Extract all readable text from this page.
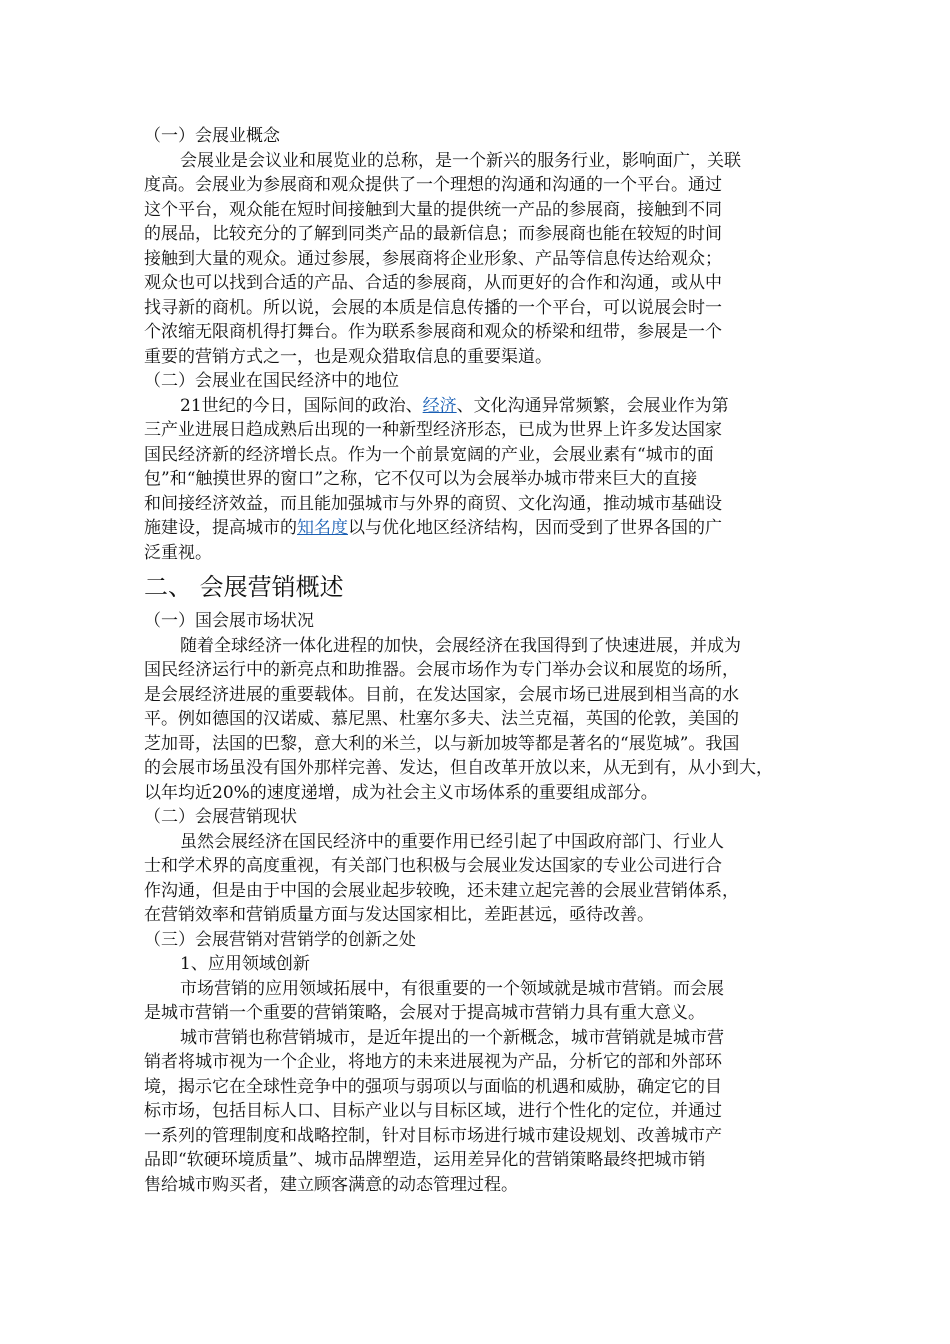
（一）会展业概念
会展业是会议业和展览业的总称，是一个新兴的服务行业，影响面广，关联
度高。会展业为参展商和观众提供了一个理想的沟通和沟通的一个平台。通过
这个平台，观众能在短时间接触到大量的提供统一产品的参展商，接触到不同
的展品，比较充分的了解到同类产品的最新信息；而参展商也能在较短的时间
接触到大量的观众。通过参展，参展商将企业形象、产品等信息传达给观众；
观众也可以找到合适的产品、合适的参展商，从而更好的合作和沟通，或从中
找寻新的商机。所以说，会展的本质是信息传播的一个平台，可以说展会时一
个浓缩无限商机得打舞台。作为联系参展商和观众的桥梁和纽带，参展是一个
重要的营销方式之一，也是观众猎取信息的重要渠道。
（二）会展业在国民经济中的地位
21世纪的今日，国际间的政治、经济、文化沟通异常频繁，会展业作为第
三产业进展日趋成熟后出现的一种新型经济形态，已成为世界上许多发达国家
国民经济新的经济增长点。作为一个前景宽阔的产业，会展业素有“城市的面
包”和“触摸世界的窗口”之称，它不仅可以为会展举办城市带来巨大的直接
和间接经济效益，而且能加强城市与外界的商贸、文化沟通，推动城市基础设
施建设，提高城市的知名度以与优化地区经济结构，因而受到了世界各国的广
泛重视。
二、 会展营销概述
（一）国会展市场状况
随着全球经济一体化进程的加快，会展经济在我国得到了快速进展，并成为
国民经济运行中的新亮点和助推器。会展市场作为专门举办会议和展览的场所，
是会展经济进展的重要载体。目前，在发达国家，会展市场已进展到相当高的水
平。例如德国的汉诺威、慕尼黑、杜塞尔多夫、法兰克福，英国的伦敦，美国的
芝加哥，法国的巴黎，意大利的米兰，以与新加坡等都是著名的“展览城”。我国
的会展市场虽没有国外那样完善、发达，但自改革开放以来，从无到有，从小到大，
以年均近20%的速度递增，成为社会主义市场体系的重要组成部分。
（二）会展营销现状
虽然会展经济在国民经济中的重要作用已经引起了中国政府部门、行业人
士和学术界的高度重视，有关部门也积极与会展业发达国家的专业公司进行合
作沟通，但是由于中国的会展业起步较晚，还未建立起完善的会展业营销体系，
在营销效率和营销质量方面与发达国家相比，差距甚远，亟待改善。
（三）会展营销对营销学的创新之处
1、应用领域创新
市场营销的应用领域拓展中，有很重要的一个领域就是城市营销。而会展
是城市营销一个重要的营销策略，会展对于提高城市营销力具有重大意义。
城市营销也称营销城市，是近年提出的一个新概念，城市营销就是城市营
销者将城市视为一个企业，将地方的未来进展视为产品，分析它的部和外部环
境，揭示它在全球性竞争中的强项与弱项以与面临的机遇和威胁，确定它的目
标市场，包括目标人口、目标产业以与目标区域，进行个性化的定位，并通过
一系列的管理制度和战略控制，针对目标市场进行城市建设规划、改善城市产
品即“软硬环境质量”、城市品牌塑造，运用差异化的营销策略最终把城市销
售给城市购买者，建立顾客满意的动态管理过程。
